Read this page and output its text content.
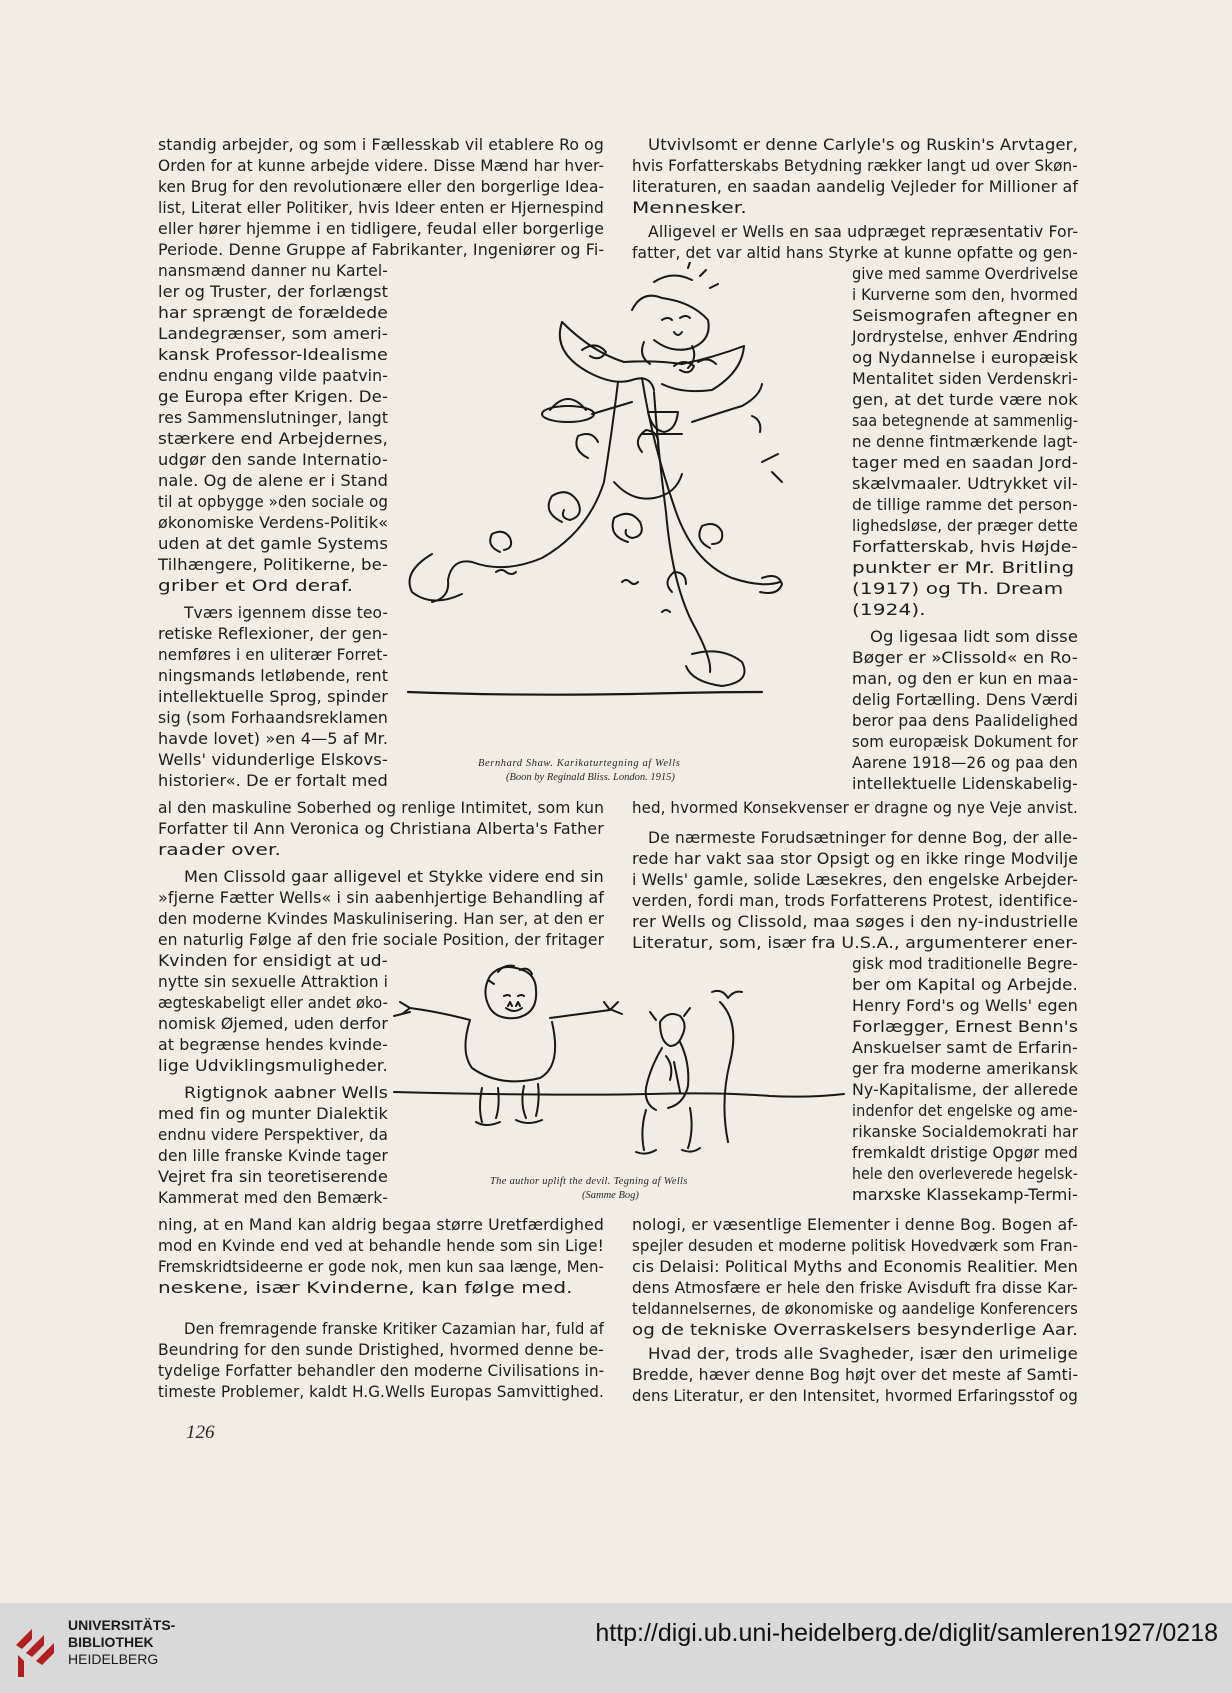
standig arbejder, og som i Fællesskab vil etablere Ro og
Orden for at kunne arbejde videre. Disse Mænd har hver-
ken Brug for den revolutionære eller den borgerlige Idea-
list, Literat eller Politiker, hvis Ideer enten er Hjernespind
eller hører hjemme i en tidligere, feudal eller borgerlige
Periode. Denne Gruppe af Fabrikanter, Ingeniører og Fi-
nansmænd danner nu Kartel-
ler og Truster, der forlængst
har sprængt de forældede
Landegrænser, som ameri-
kansk Professor-Idealisme
endnu engang vilde paatvin-
ge Europa efter Krigen. De-
res Sammenslutninger, langt
stærkere end Arbejdernes,
udgør den sande Internatio-
nale. Og de alene er i Stand
til at opbygge »den sociale og
økonomiske Verdens-Politik«
uden at det gamle Systems
Tilhængere, Politikerne, be-
griber et Ord deraf.
Tværs igennem disse teo-
retiske Reflexioner, der gen-
nemføres i en uliterær Forret-
ningsmands letløbende, rent
intellektuelle Sprog, spinder
sig (som Forhaandsreklamen
havde lovet) »en 4—5 af Mr.
Wells' vidunderlige Elskovs-
historier«. De er fortalt med
al den maskuline Soberhed og renlige Intimitet, som kun
Forfatter til Ann Veronica og Christiana Alberta's Father
raader over.
Men Clissold gaar alligevel et Stykke videre end sin
»fjerne Fætter Wells« i sin aabenhjertige Behandling af
den moderne Kvindes Maskulinisering. Han ser, at den er
en naturlig Følge af den frie sociale Position, der fritager
Kvinden for ensidigt at ud-
nytte sin sexuelle Attraktion i
ægteskabeligt eller andet øko-
nomisk Øjemed, uden derfor
at begrænse hendes kvinde-
lige Udviklingsmuligheder.
Rigtignok aabner Wells
med fin og munter Dialektik
endnu videre Perspektiver, da
den lille franske Kvinde tager
Vejret fra sin teoretiserende
Kammerat med den Bemærk-
ning, at en Mand kan aldrig begaa større Uretfærdighed
mod en Kvinde end ved at behandle hende som sin Lige!
Fremskridtsideerne er gode nok, men kun saa længe, Men-
neskene, især Kvinderne, kan følge med.
Den fremragende franske Kritiker Cazamian har, fuld af
Beundring for den sunde Dristighed, hvormed denne be-
tydelige Forfatter behandler den moderne Civilisations in-
timeste Problemer, kaldt H.G.Wells Europas Samvittighed.
Utvivlsomt er denne Carlyle's og Ruskin's Arvtager,
hvis Forfatterskabs Betydning rækker langt ud over Skøn-
literaturen, en saadan aandelig Vejleder for Millioner af
Mennesker.
Alligevel er Wells en saa udpræget repræsentativ For-
fatter, det var altid hans Styrke at kunne opfatte og gen-
give med samme Overdrivelse
i Kurverne som den, hvormed
Seismografen aftegner en
Jordrystelse, enhver Ændring
og Nydannelse i europæisk
Mentalitet siden Verdenskri-
gen, at det turde være nok
saa betegnende at sammenlig-
ne denne fintmærkende lagt-
tager med en saadan Jord-
skælvmaaler. Udtrykket vil-
de tillige ramme det person-
lighedsløse, der præger dette
Forfatterskab, hvis Højde-
punkter er Mr. Britling
(1917) og Th. Dream
(1924).
Og ligesaa lidt som disse
Bøger er »Clissold« en Ro-
man, og den er kun en maa-
delig Fortælling. Dens Værdi
beror paa dens Paalidelighed
som europæisk Dokument for
Aarene 1918—26 og paa den
intellektuelle Lidenskabelig-
hed, hvormed Konsekvenser er dragne og nye Veje anvist.
De nærmeste Forudsætninger for denne Bog, der alle-
rede har vakt saa stor Opsigt og en ikke ringe Modvilje
i Wells' gamle, solide Læsekres, den engelske Arbejder-
verden, fordi man, trods Forfatterens Protest, identifice-
rer Wells og Clissold, maa søges i den ny-industrielle
Literatur, som, især fra U.S.A., argumenterer ener-
gisk mod traditionelle Begre-
ber om Kapital og Arbejde.
Henry Ford's og Wells' egen
Forlægger, Ernest Benn's
Anskuelser samt de Erfarin-
ger fra moderne amerikansk
Ny-Kapitalisme, der allerede
indenfor det engelske og ame-
rikanske Socialdemokrati har
fremkaldt dristige Opgør med
hele den overleverede hegelsk-
marxske Klassekamp-Termi-
nologi, er væsentlige Elementer i denne Bog. Bogen af-
spejler desuden et moderne politisk Hovedværk som Fran-
cis Delaisi: Political Myths and Economis Realitier. Men
dens Atmosfære er hele den friske Avisduft fra disse Kar-
teldannelsernes, de økonomiske og aandelige Konferencers
og de tekniske Overraskelsers besynderlige Aar.
Hvad der, trods alle Svagheder, især den urimelige
Bredde, hæver denne Bog højt over det meste af Samti-
dens Literatur, er den Intensitet, hvormed Erfaringsstof og
Bernhard Shaw. Karikaturtegning af Wells
(Boon by Reginald Bliss. London. 1915)
The author uplift the devil. Tegning af Wells
(Samme Bog)
126
UNIVERSITÄTS-
BIBLIOTHEK
HEIDELBERG
http://digi.ub.uni-heidelberg.de/diglit/samleren1927/0218
